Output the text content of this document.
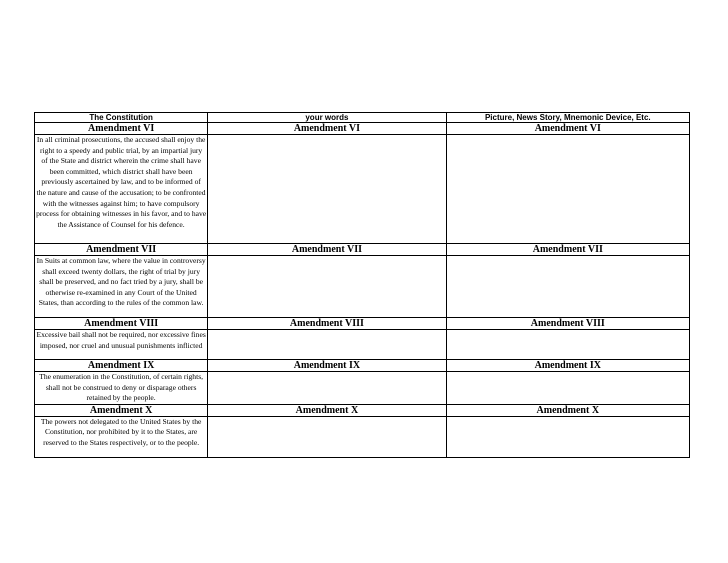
The Constitution	your words	Picture, News Story, Mnemonic Device, Etc.
Amendment VI	Amendment VI	Amendment VI
In all criminal prosecutions, the accused shall enjoy the right to a speedy and public trial, by an impartial jury of the State and district wherein the crime shall have been committed, which district shall have been previously ascertained by law, and to be informed of the nature and cause of the accusation; to be confronted with the witnesses against him; to have compulsory process for obtaining witnesses in his favor, and to have the Assistance of Counsel for his defence.		
Amendment VII	Amendment VII	Amendment VII
In Suits at common law, where the value in controversy shall exceed twenty dollars, the right of trial by jury shall be preserved, and no fact tried by a jury, shall be otherwise re-examined in any Court of the United States, than according to the rules of the common law.		
Amendment VIII	Amendment VIII	Amendment VIII
Excessive bail shall not be required, nor excessive fines imposed, nor cruel and unusual punishments inflicted		
Amendment IX	Amendment IX	Amendment IX
The enumeration in the Constitution, of certain rights, shall not be construed to deny or disparage others retained by the people.		
Amendment X	Amendment X	Amendment X
The powers not delegated to the United States by the Constitution, nor prohibited by it to the States, are reserved to the States respectively, or to the people.		
